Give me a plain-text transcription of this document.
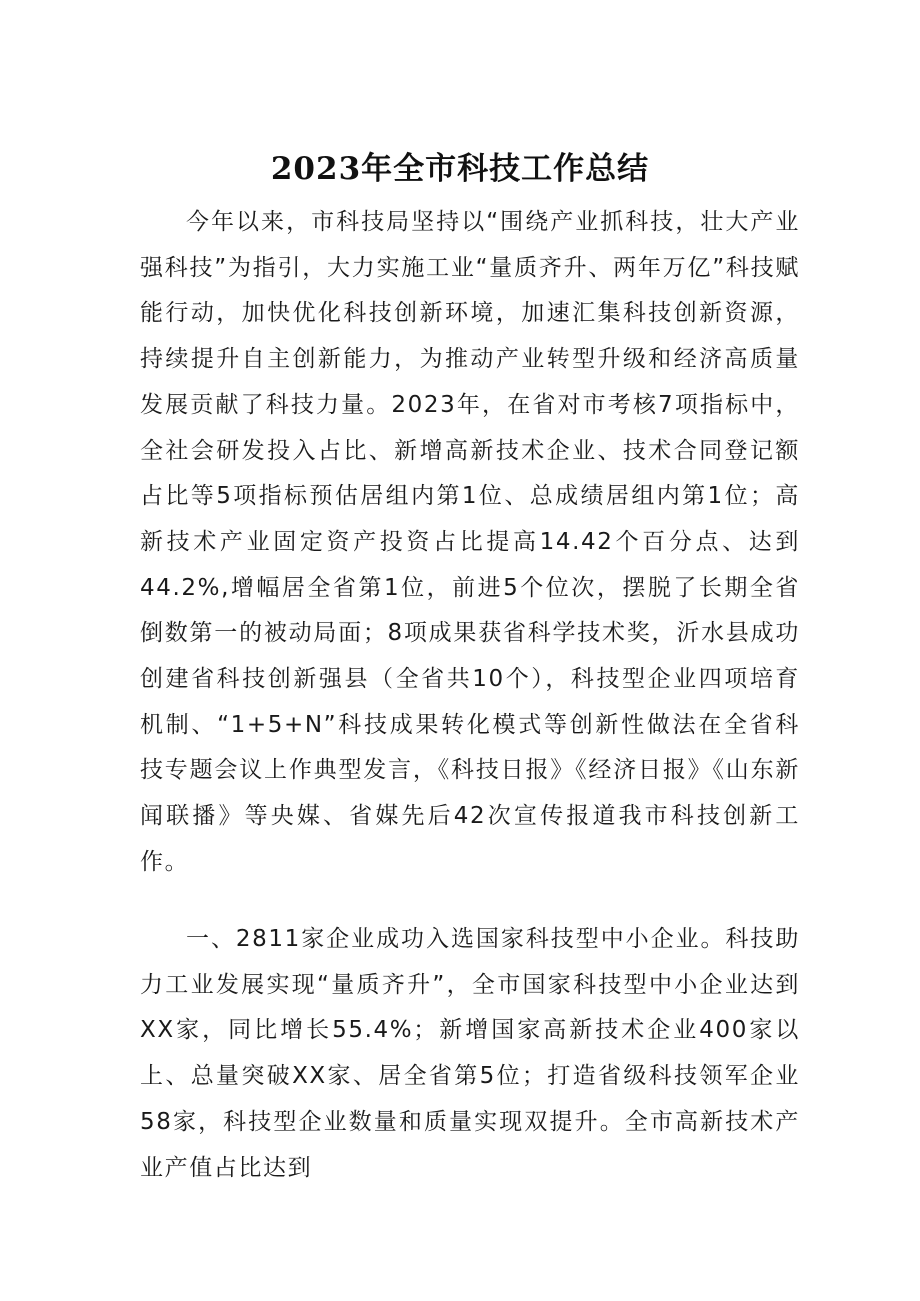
2023年全市科技工作总结

今年以来，市科技局坚持以“围绕产业抓科技，壮大产业强科技”为指引，大力实施工业“量质齐升、两年万亿”科技赋能行动，加快优化科技创新环境，加速汇集科技创新资源，持续提升自主创新能力，为推动产业转型升级和经济高质量发展贡献了科技力量。2023年，在省对市考核7项指标中，全社会研发投入占比、新增高新技术企业、技术合同登记额占比等5项指标预估居组内第1位、总成绩居组内第1位；高新技术产业固定资产投资占比提高14.42个百分点、达到44.2%,增幅居全省第1位，前进5个位次，摆脱了长期全省倒数第一的被动局面；8项成果获省科学技术奖，沂水县成功创建省科技创新强县（全省共10个），科技型企业四项培育机制、“1+5+N”科技成果转化模式等创新性做法在全省科技专题会议上作典型发言，《科技日报》《经济日报》《山东新闻联播》等央媒、省媒先后42次宣传报道我市科技创新工作。

一、2811家企业成功入选国家科技型中小企业。科技助力工业发展实现“量质齐升”，全市国家科技型中小企业达到XX家，同比增长55.4%；新增国家高新技术企业400家以上、总量突破XX家、居全省第5位；打造省级科技领军企业58家，科技型企业数量和质量实现双提升。全市高新技术产业产值占比达到
